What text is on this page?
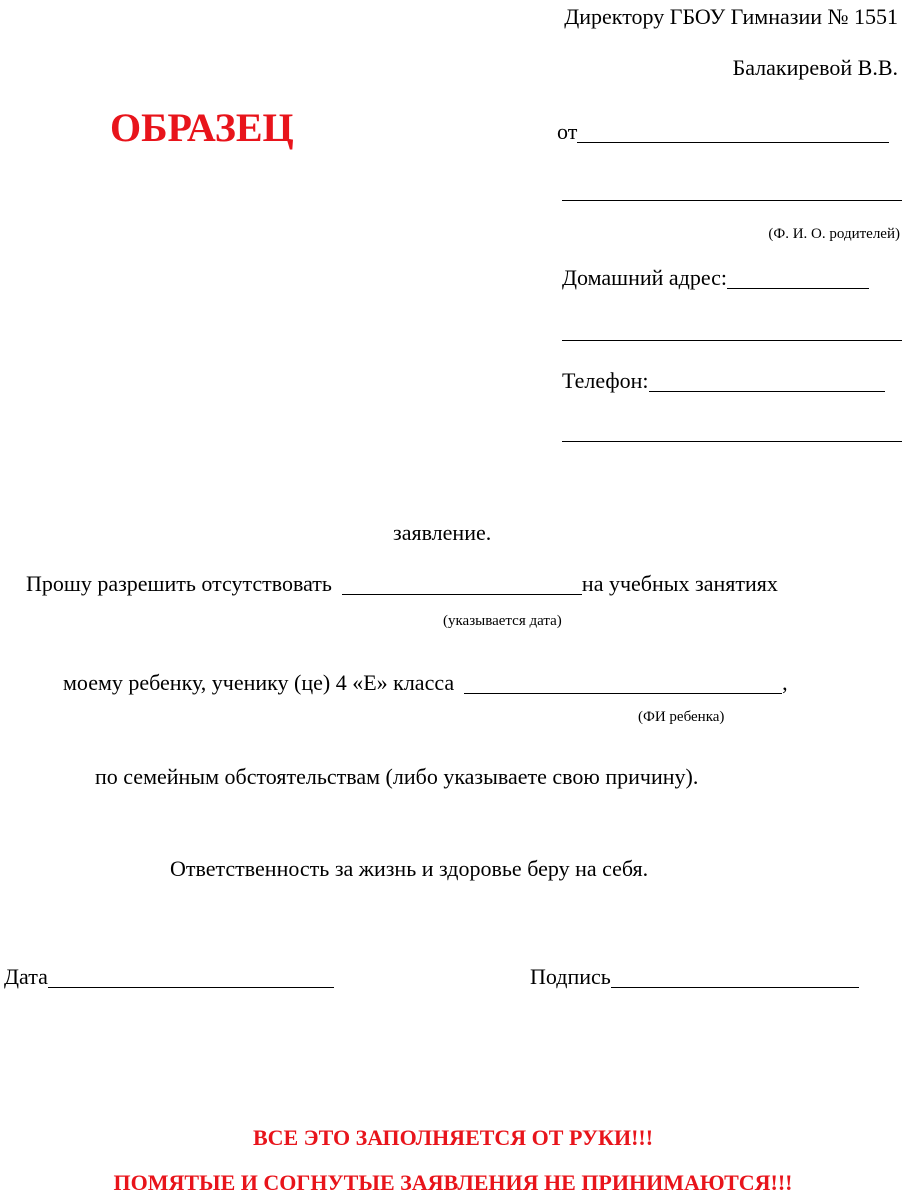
Директору ГБОУ Гимназии № 1551
Балакиревой В.В.
ОБРАЗЕЦ	от
(Ф. И. О. родителей)
Домашний адрес:
Телефон:
заявление.
Прошу разрешить отсутствовать	на учебных занятиях
(указывается дата)
моему ребенку, ученику (це) 4 «Е» класса	,
(ФИ ребенка)
по семейным обстоятельствам (либо указываете свою причину).
Ответственность за жизнь и здоровье беру на себя.
Дата	Подпись
ВСЕ ЭТО ЗАПОЛНЯЕТСЯ ОТ РУКИ!!!
ПОМЯТЫЕ И СОГНУТЫЕ ЗАЯВЛЕНИЯ НЕ ПРИНИМАЮТСЯ!!!
